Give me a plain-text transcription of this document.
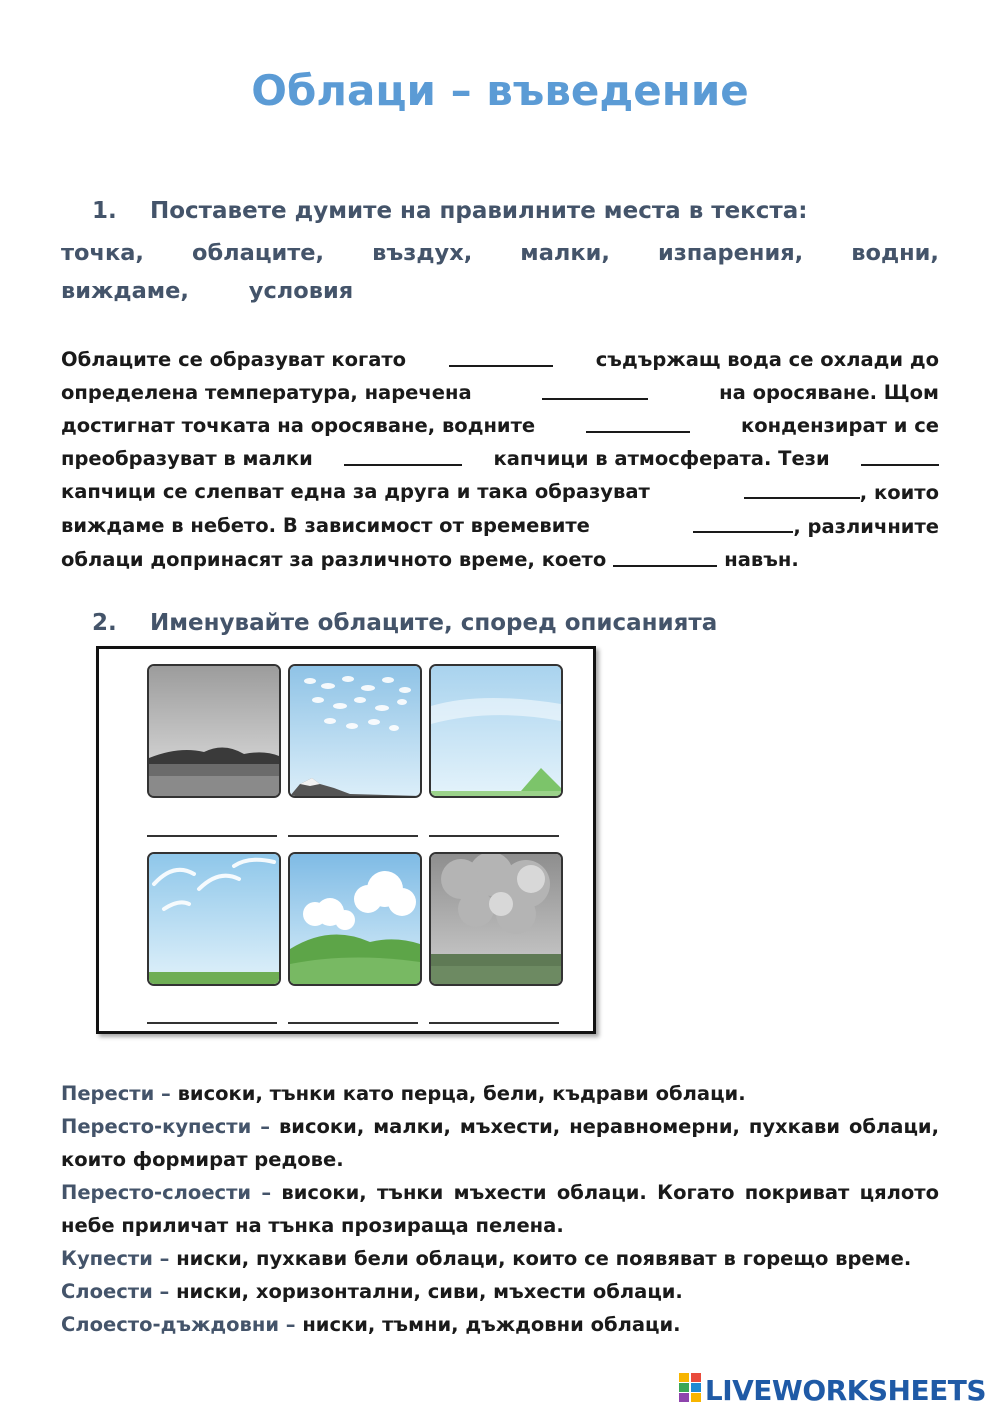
Облаци – въведение
1. Поставете думите на правилните места в текста:
точка, облаците, въздух, малки, изпарения, водни,
виждаме,	условия
Облаците се образуват когато	съдържащ вода се охлади до
определена температура, наречена	на оросяване. Щом
достигнат точката на оросяване, водните	кондензират и се
преобразуват в малки	капчици в атмосферата. Тези
капчици се слепват една за друга и така образуват	, които
виждаме в небето. В зависимост от времевите	, различните
облаци допринасят за различното време, което	навън.
2. Именувайте облаците, според описанията
Перести – високи, тънки като перца, бели, къдрави облаци.
Пересто-купести – високи, малки, мъхести, неравномерни, пухкави облаци, които формират редове.
Пересто-слоести – високи, тънки мъхести облаци. Когато покриват цялото небе приличат на тънка прозираща пелена.
Купести – ниски, пухкави бели облаци, които се появяват в горещо време.
Слоести – ниски, хоризонтални, сиви, мъхести облаци.
Слоесто-дъждовни – ниски, тъмни, дъждовни облаци.
LIVEWORKSHEETS
